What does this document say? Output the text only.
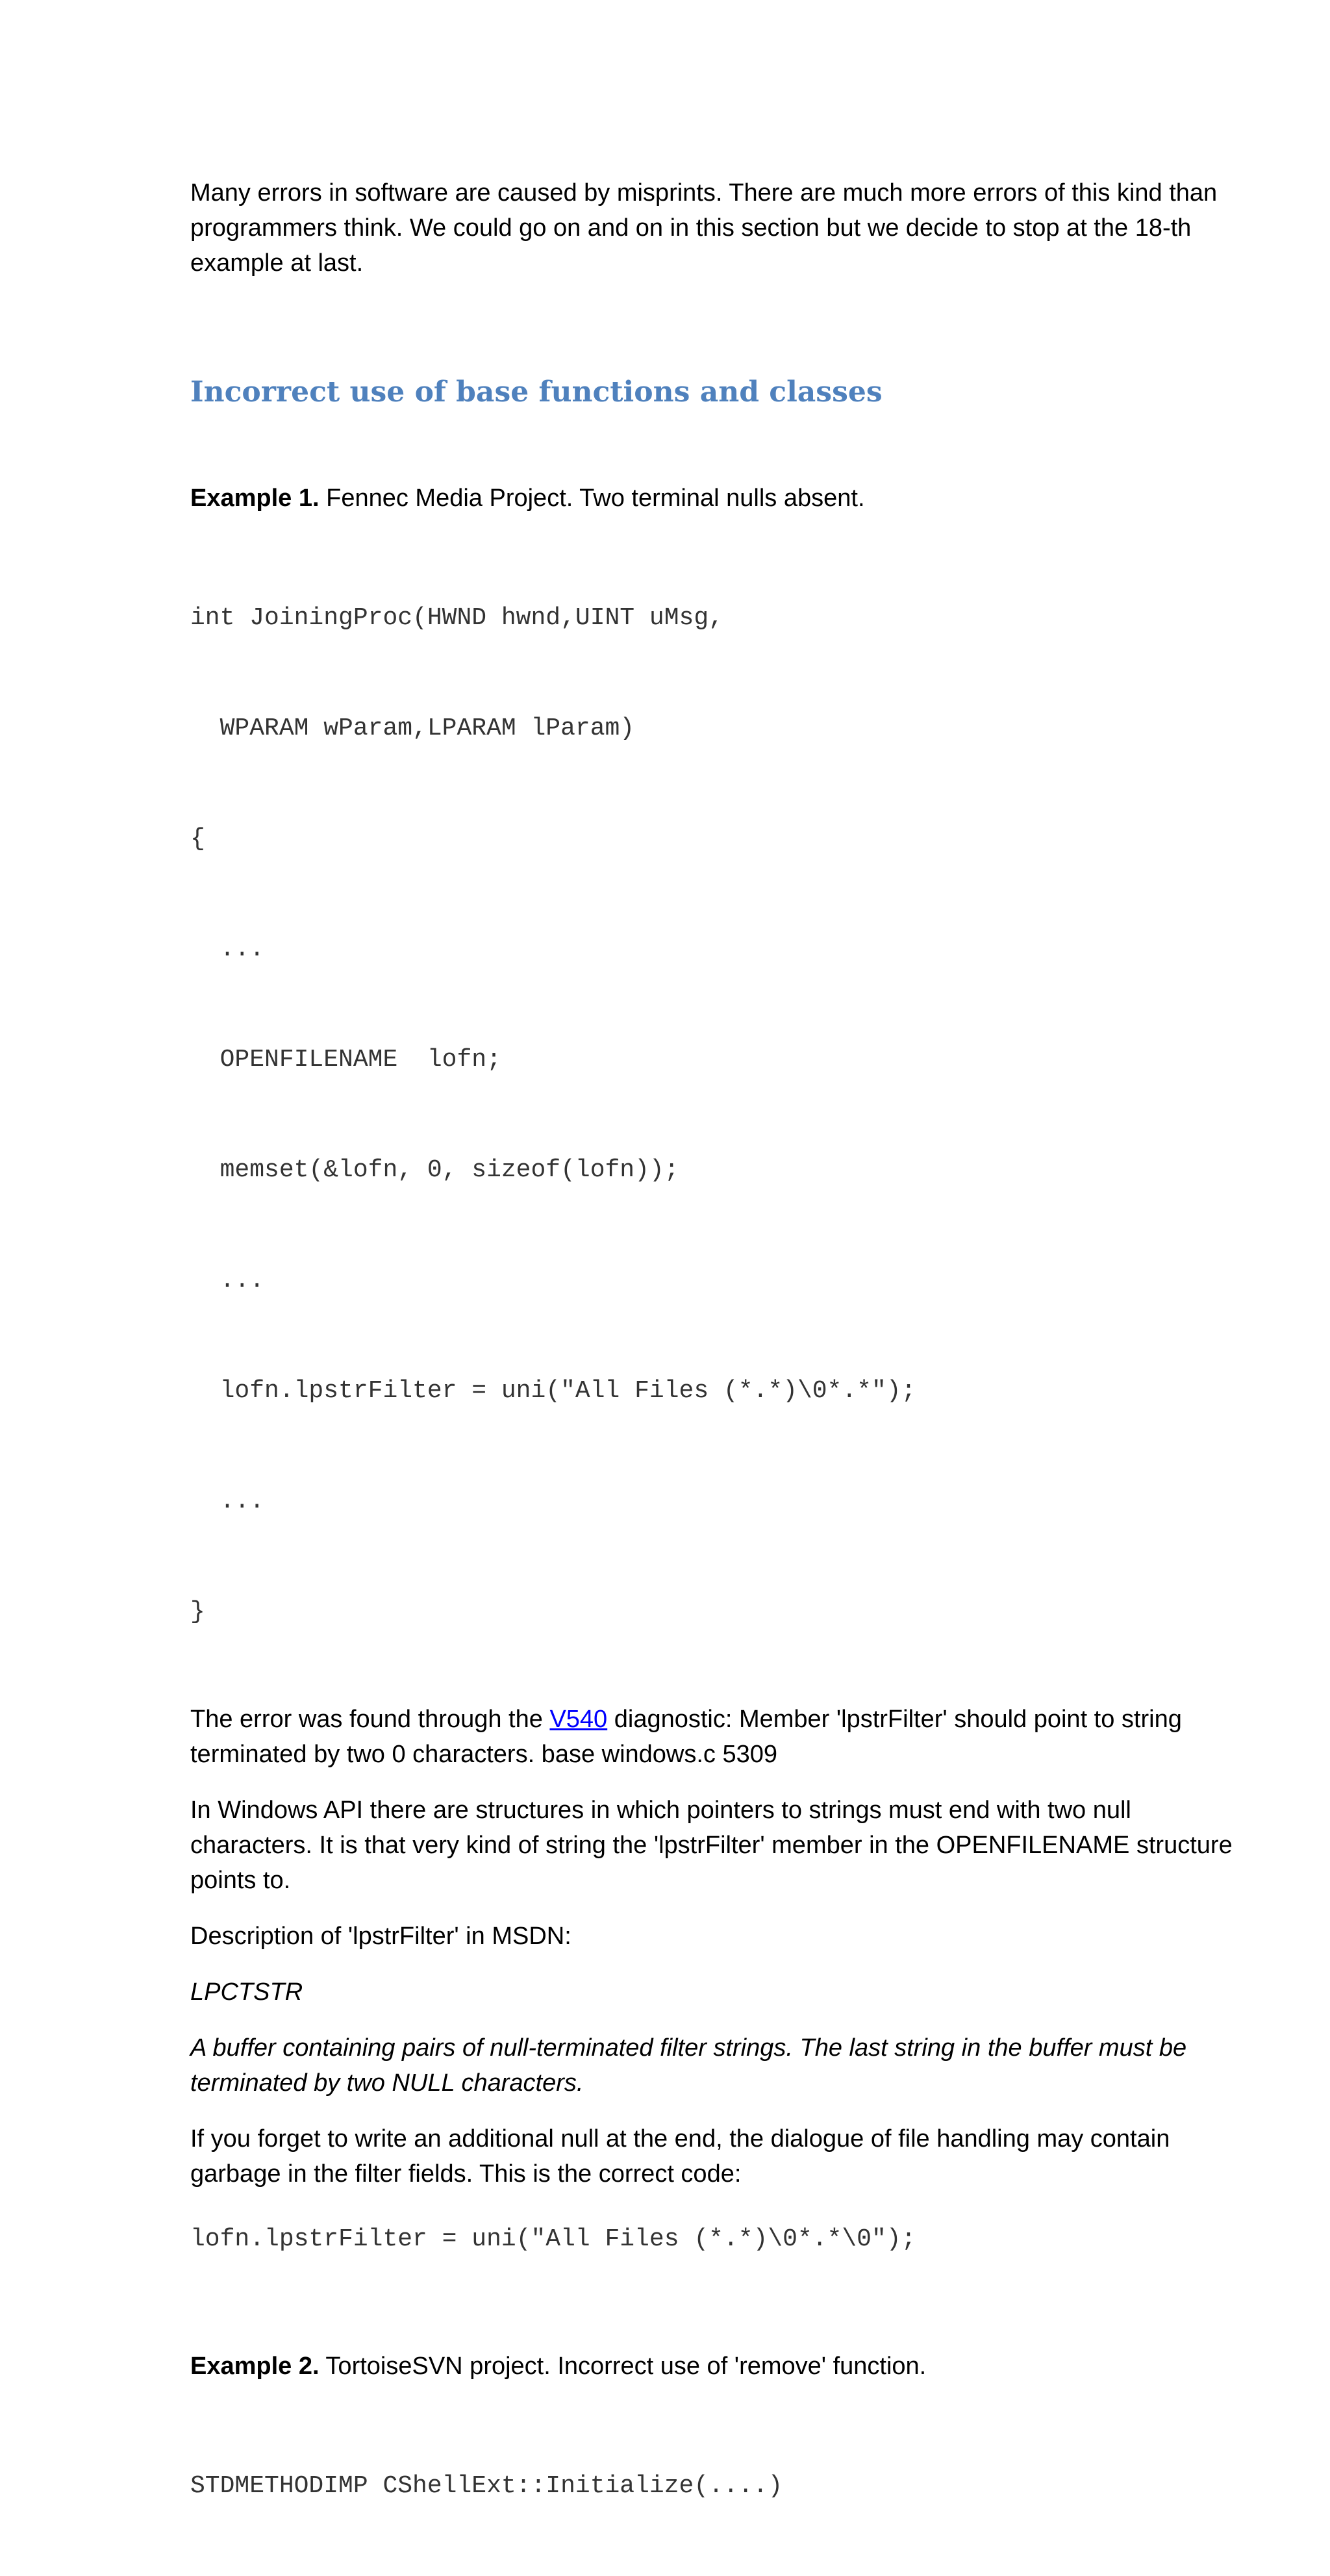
Many errors in software are caused by misprints. There are much more errors of this kind than programmers think. We could go on and on in this section but we decide to stop at the 18-th example at last.

Incorrect use of base functions and classes

Example 1. Fennec Media Project. Two terminal nulls absent.

int JoiningProc(HWND hwnd,UINT uMsg,

WPARAM wParam,LPARAM lParam)

{

...

OPENFILENAME  lofn;

memset(&lofn, 0, sizeof(lofn));

...

lofn.lpstrFilter = uni("All Files (*.*)\0*.*");

...

}

The error was found through the V540 diagnostic: Member 'lpstrFilter' should point to string terminated by two 0 characters. base windows.c 5309

In Windows API there are structures in which pointers to strings must end with two null characters. It is that very kind of string the 'lpstrFilter' member in the OPENFILENAME structure points to.

Description of 'lpstrFilter' in MSDN:

LPCTSTR

A buffer containing pairs of null-terminated filter strings. The last string in the buffer must be terminated by two NULL characters.

If you forget to write an additional null at the end, the dialogue of file handling may contain garbage in the filter fields. This is the correct code:

lofn.lpstrFilter = uni("All Files (*.*)\0*.*\0");

Example 2. TortoiseSVN project. Incorrect use of 'remove' function.

STDMETHODIMP CShellExt::Initialize(....)
